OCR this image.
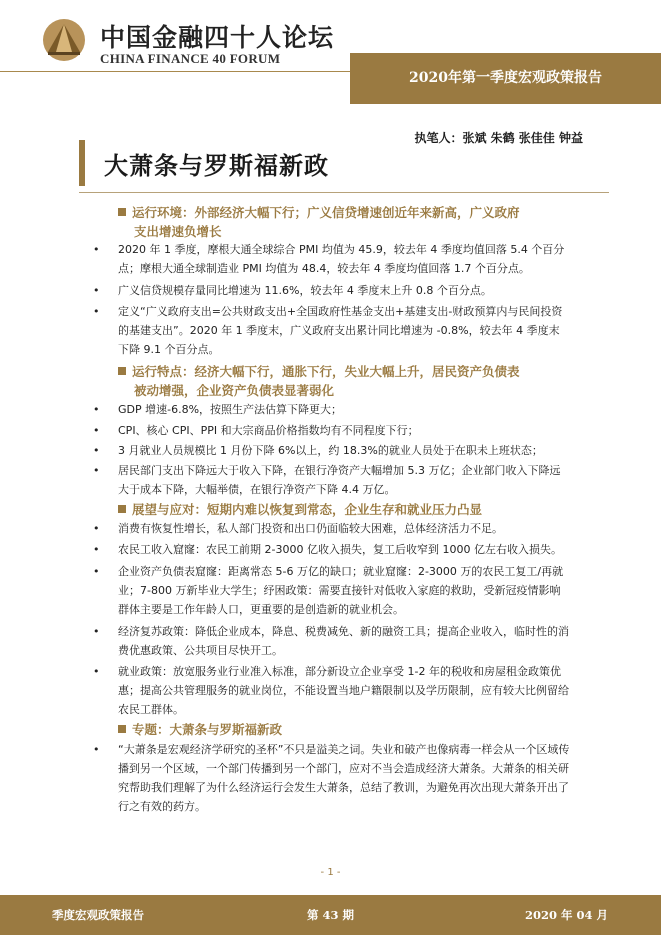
中国金融四十人论坛
CHINA FINANCE 40 FORUM
2020年第一季度宏观政策报告
执笔人：张斌 朱鹤 张佳佳 钟益
大萧条与罗斯福新政
运行环境：外部经济大幅下行；广义信贷增速创近年来新高，广义政府
支出增速负增长
• 2020 年 1 季度，摩根大通全球综合 PMI 均值为 45.9，较去年 4 季度均值回落 5.4 个百分点；摩根大通全球制造业 PMI 均值为 48.4，较去年 4 季度均值回落 1.7 个百分点。
• 广义信贷规模存量同比增速为 11.6%，较去年 4 季度末上升 0.8 个百分点。
• 定义“广义政府支出=公共财政支出+全国政府性基金支出+基建支出-财政预算内与民间投资的基建支出”。2020 年 1 季度末，广义政府支出累计同比增速为 -0.8%，较去年 4 季度末下降 9.1 个百分点。
运行特点：经济大幅下行，通胀下行，失业大幅上升，居民资产负债表
被动增强，企业资产负债表显著弱化
• GDP 增速-6.8%，按照生产法估算下降更大；
• CPI、核心 CPI、PPI 和大宗商品价格指数均有不同程度下行；
• 3 月就业人员规模比 1 月份下降 6%以上，约 18.3%的就业人员处于在职未上班状态；
• 居民部门支出下降远大于收入下降，在银行净资产大幅增加 5.3 万亿；企业部门收入下降远大于成本下降，大幅举债，在银行净资产下降 4.4 万亿。
展望与应对：短期内难以恢复到常态，企业生存和就业压力凸显
• 消费有恢复性增长，私人部门投资和出口仍面临较大困难，总体经济活力不足。
• 农民工收入窟窿：农民工前期 2-3000 亿收入损失，复工后收窄到 1000 亿左右收入损失。
• 企业资产负债表窟窿：距离常态 5-6 万亿的缺口；就业窟窿：2-3000 万的农民工复工/再就业；7-800 万新毕业大学生；纾困政策：需要直接针对低收入家庭的救助，受新冠疫情影响群体主要是工作年龄人口，更重要的是创造新的就业机会。
• 经济复苏政策：降低企业成本，降息、税费减免、新的融资工具；提高企业收入，临时性的消费优惠政策、公共项目尽快开工。
• 就业政策：放宽服务业行业准入标准，部分新设立企业享受 1-2 年的税收和房屋租金政策优惠；提高公共管理服务的就业岗位，不能设置当地户籍限制以及学历限制，应有较大比例留给农民工群体。
专题：大萧条与罗斯福新政
• “大萧条是宏观经济学研究的圣杯”不只是溢美之词。失业和破产也像病毒一样会从一个区域传播到另一个区域，一个部门传播到另一个部门，应对不当会造成经济大萧条。大萧条的相关研究帮助我们理解了为什么经济运行会发生大萧条，总结了教训，为避免再次出现大萧条开出了行之有效的药方。
- 1 -
季度宏观政策报告	第 43 期	2020 年 04 月
